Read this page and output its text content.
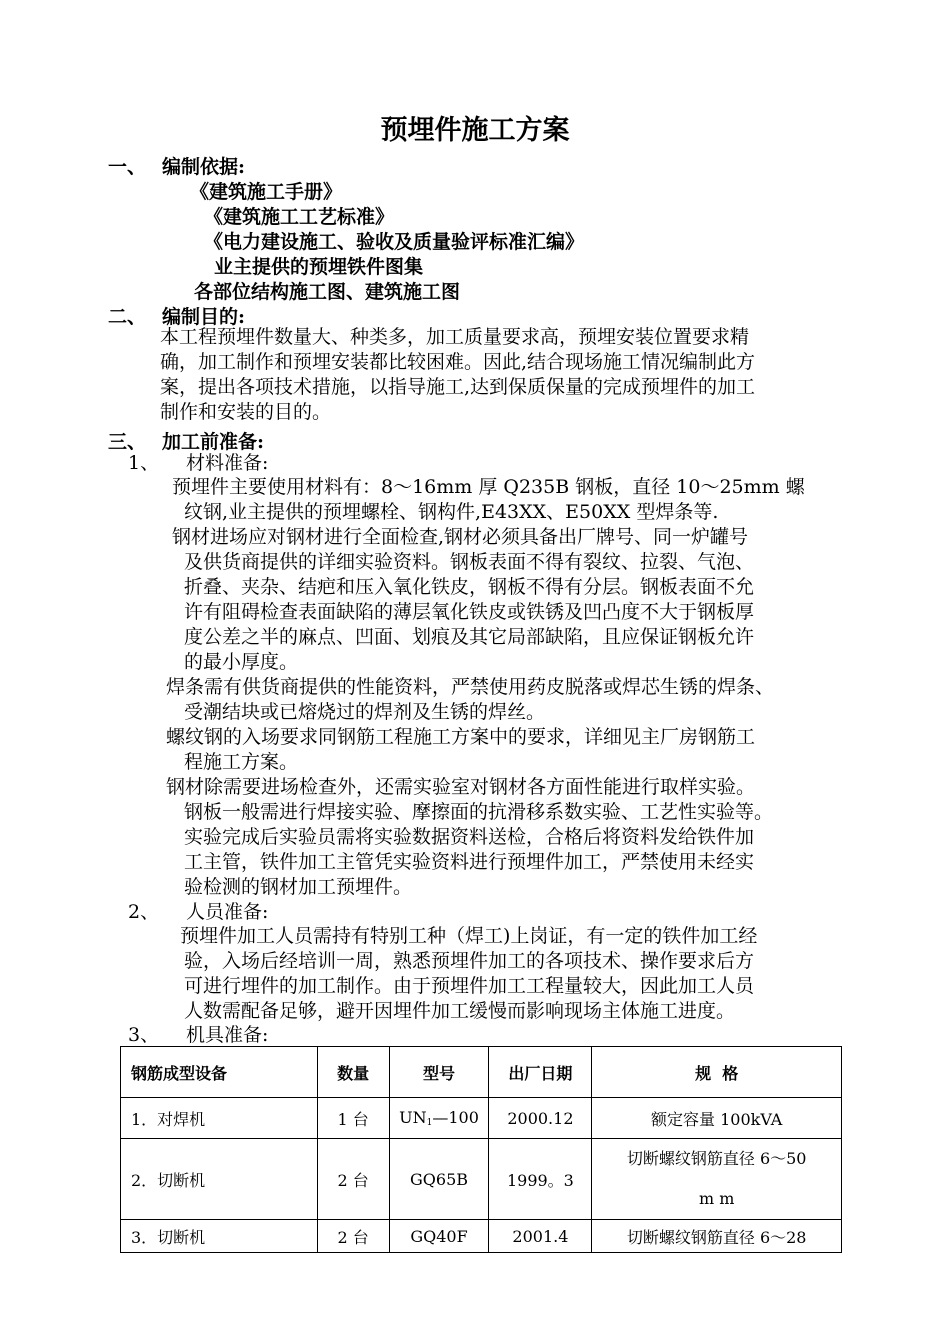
预埋件施工方案
一、 编制依据:
《建筑施工手册》
《建筑施工工艺标准》
《电力建设施工、验收及质量验评标准汇编》
业主提供的预埋铁件图集
各部位结构施工图、建筑施工图
二、 编制目的:
本工程预埋件数量大、种类多，加工质量要求高，预埋安装位置要求精
确，加工制作和预埋安装都比较困难。因此,结合现场施工情况编制此方
案，提出各项技术措施，以指导施工,达到保质保量的完成预埋件的加工
制作和安装的目的。
三、 加工前准备:
1、 材料准备:
预埋件主要使用材料有：8～16mm 厚 Q235B 钢板，直径 10～25mm 螺
纹钢,业主提供的预埋螺栓、钢构件,E43XX、E50XX 型焊条等.
钢材进场应对钢材进行全面检查,钢材必须具备出厂牌号、同一炉罐号
及供货商提供的详细实验资料。钢板表面不得有裂纹、拉裂、气泡、
折叠、夹杂、结疤和压入氧化铁皮，钢板不得有分层。钢板表面不允
许有阻碍检查表面缺陷的薄层氧化铁皮或铁锈及凹凸度不大于钢板厚
度公差之半的麻点、凹面、划痕及其它局部缺陷，且应保证钢板允许
的最小厚度。
焊条需有供货商提供的性能资料，严禁使用药皮脱落或焊芯生锈的焊条、
受潮结块或已熔烧过的焊剂及生锈的焊丝。
螺纹钢的入场要求同钢筋工程施工方案中的要求，详细见主厂房钢筋工
程施工方案。
钢材除需要进场检查外，还需实验室对钢材各方面性能进行取样实验。
钢板一般需进行焊接实验、摩擦面的抗滑移系数实验、工艺性实验等。
实验完成后实验员需将实验数据资料送检，合格后将资料发给铁件加
工主管，铁件加工主管凭实验资料进行预埋件加工，严禁使用未经实
验检测的钢材加工预埋件。
2、 人员准备:
预埋件加工人员需持有特别工种（焊工)上岗证，有一定的铁件加工经
验，入场后经培训一周，熟悉预埋件加工的各项技术、操作要求后方
可进行埋件的加工制作。由于预埋件加工工程量较大，因此加工人员
人数需配备足够，避开因埋件加工缓慢而影响现场主体施工进度。
3、 机具准备:
钢筋成型设备	数量	型号	出厂日期	规  格
1．对焊机	1 台	$UN_1—100$	2000.12	额定容量 100kVA
2．切断机	2 台	GQ65B	1999。3	切断螺纹钢筋直径 6～50
m m

3．切断机	2 台	GQ40F	2001.4	切断螺纹钢筋直径 6～28
